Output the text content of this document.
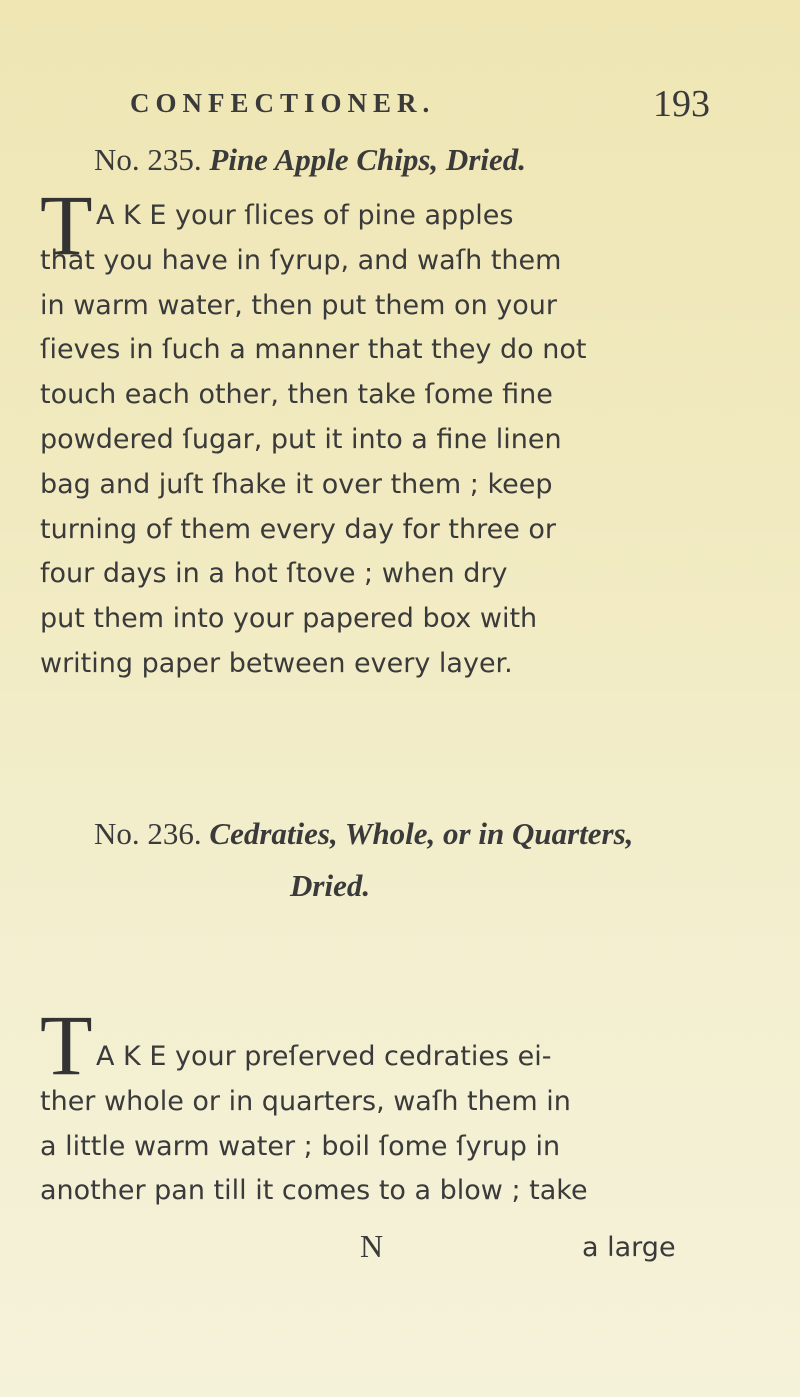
CONFECTIONER.	193
No. 235. Pine Apple Chips, Dried.
T A K E your ſlices of pine apples
that you have in ſyrup, and waſh them
in warm water, then put them on your
ſieves in ſuch a manner that they do not
touch each other, then take ſome fine
powdered ſugar, put it into a fine linen
bag and juſt ſhake it over them ; keep
turning of them every day for three or
four days in a hot ſtove ; when dry
put them into your papered box with
writing paper between every layer.
No. 236. Cedraties, Whole, or in Quarters,
Dried.
T A K E your preſerved cedraties ei-
ther whole or in quarters, waſh them in
a little warm water ; boil ſome ſyrup in
another pan till it comes to a blow ; take
N	a large
